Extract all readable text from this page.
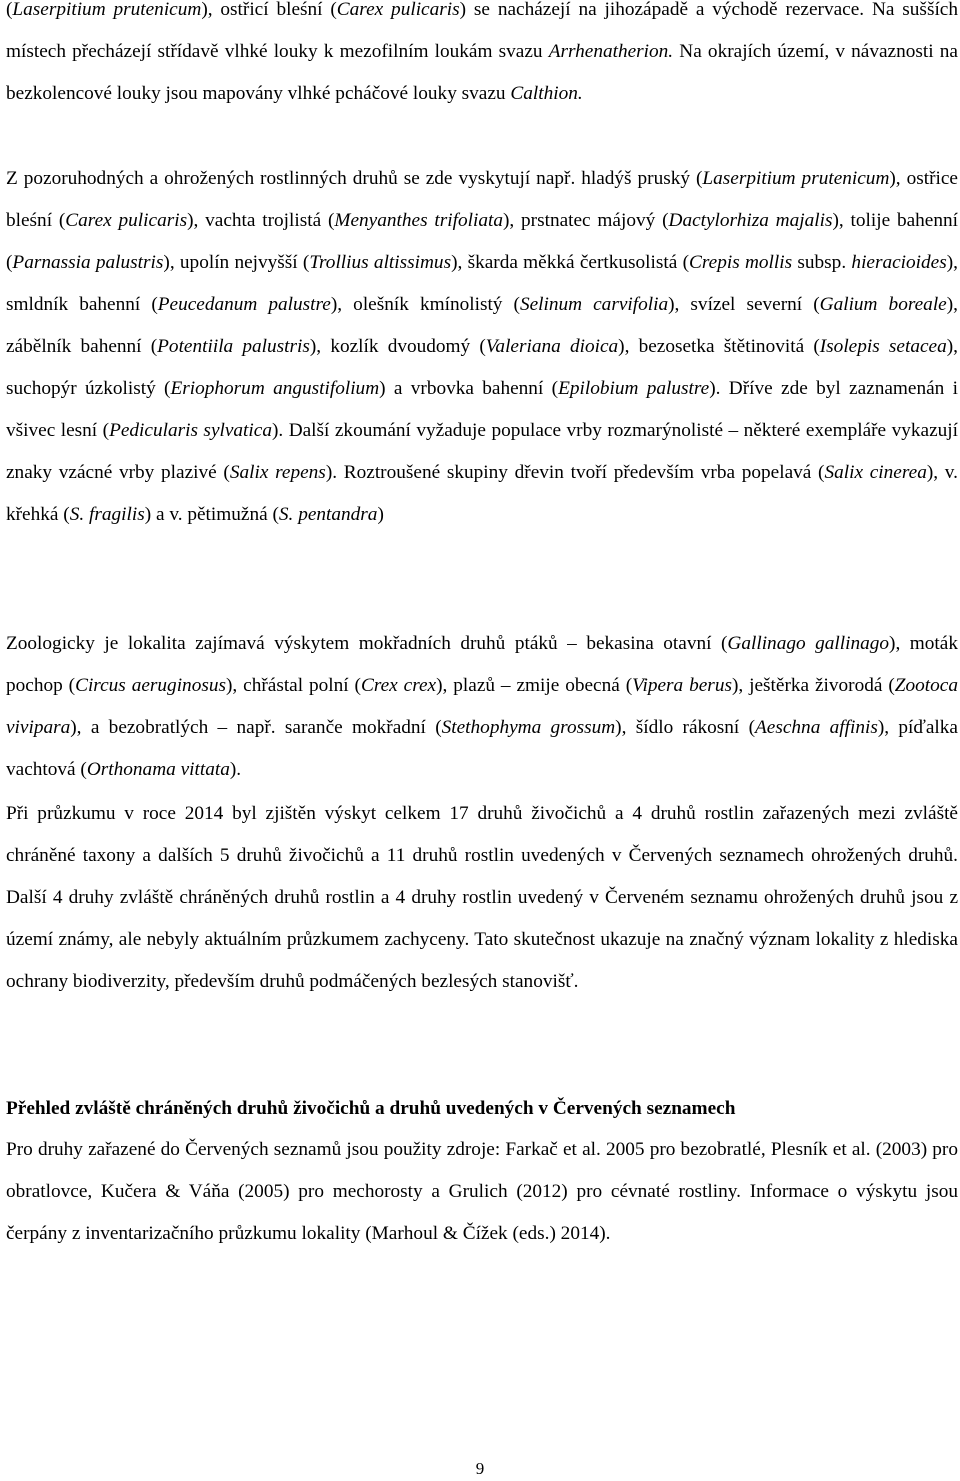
(Laserpitium prutenicum), ostřicí bleśní (Carex pulicaris) se nacházejí na jihozápadě a východě rezervace. Na sušších místech přecházejí střídavě vlhké louky k mezofilním loukám svazu Arrhenatherion. Na okrajích území, v návaznosti na bezkolencové louky jsou mapovány vlhké pcháčové louky svazu Calthion.

Z pozoruhodných a ohrožených rostlinných druhů se zde vyskytují např. hladýš pruský (Laserpitium prutenicum), ostřice bleśní (Carex pulicaris), vachta trojlistá (Menyanthes trifoliata), prstnatec májový (Dactylorhiza majalis), tolije bahenní (Parnassia palustris), upolín nejvyšší (Trollius altissimus), škarda měkká čertkusolistá (Crepis mollis subsp. hieracioides), smldník bahenní (Peucedanum palustre), olešník kmínolistý (Selinum carvifolia), svízel severní (Galium boreale), zábělník bahenní (Potentiila palustris), kozlík dvoudomý (Valeriana dioica), bezosetka štětinovitá (Isolepis setacea), suchopýr úzkolistý (Eriophorum angustifolium) a vrbovka bahenní (Epilobium palustre). Dříve zde byl zaznamenán i všivec lesní (Pedicularis sylvatica). Další zkoumání vyžaduje populace vrby rozmarýnolisté – některé exempláře vykazují znaky vzácné vrby plazivé (Salix repens). Roztroušené skupiny dřevin tvoří především vrba popelavá (Salix cinerea), v. křehká (S. fragilis) a v. pětimužná (S. pentandra)

Zoologicky je lokalita zajímavá výskytem mokřadních druhů ptáků – bekasina otavní (Gallinago gallinago), moták pochop (Circus aeruginosus), chřástal polní (Crex crex), plazů – zmije obecná (Vipera berus), ještěrka živorodá (Zootoca vivipara), a bezobratlých – např. saranče mokřadní (Stethophyma grossum), šídlo rákosní (Aeschna affinis), píďalka vachtová (Orthonama vittata).

Při průzkumu v roce 2014 byl zjištěn výskyt celkem 17 druhů živočichů a 4 druhů rostlin zařazených mezi zvláště chráněné taxony a dalších 5 druhů živočichů a 11 druhů rostlin uvedených v Červených seznamech ohrožených druhů. Další 4 druhy zvláště chráněných druhů rostlin a 4 druhy rostlin uvedený v Červeném seznamu ohrožených druhů jsou z území známy, ale nebyly aktuálním průzkumem zachyceny. Tato skutečnost ukazuje na značný význam lokality z hlediska ochrany biodiverzity, především druhů podmáčených bezlesých stanovišť.

Přehled zvláště chráněných druhů živočichů a druhů uvedených v Červených seznamech

Pro druhy zařazené do Červených seznamů jsou použity zdroje: Farkač et al. 2005 pro bezobratlé, Plesník et al. (2003) pro obratlovce, Kučera & Váňa (2005) pro mechorosty a Grulich (2012) pro cévnaté rostliny. Informace o výskytu jsou čerpány z inventarizačního průzkumu lokality (Marhoul & Čížek (eds.) 2014).

9
